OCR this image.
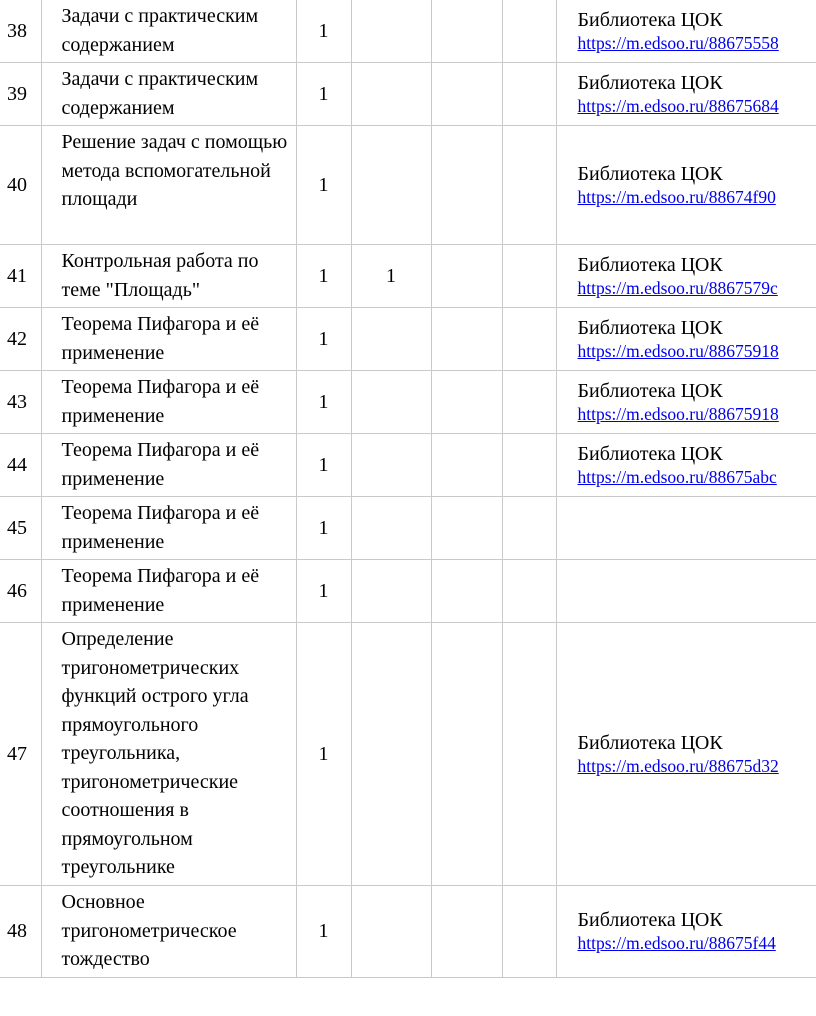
38	Задачи с практическим содержанием	1				Библиотека ЦОК
https://m.edsoo.ru/88675558

39	Задачи с практическим содержанием	1				Библиотека ЦОК
https://m.edsoo.ru/88675684

40	Решение задач с помощью метода вспомогательной площади	1				Библиотека ЦОК
https://m.edsoo.ru/88674f90

41	Контрольная работа по теме "Площадь"	1	1			Библиотека ЦОК
https://m.edsoo.ru/8867579c

42	Теорема Пифагора и её применение	1				Библиотека ЦОК
https://m.edsoo.ru/88675918

43	Теорема Пифагора и её применение	1				Библиотека ЦОК
https://m.edsoo.ru/88675918

44	Теорема Пифагора и её применение	1				Библиотека ЦОК
https://m.edsoo.ru/88675abc

45	Теорема Пифагора и её применение	1				

46	Теорема Пифагора и её применение	1				

47	Определение тригонометрических функций острого угла прямоугольного треугольника, тригонометрические соотношения в прямоугольном треугольнике	1				Библиотека ЦОК
https://m.edsoo.ru/88675d32

48	Основное тригонометрическое тождество	1				Библиотека ЦОК
https://m.edsoo.ru/88675f44
